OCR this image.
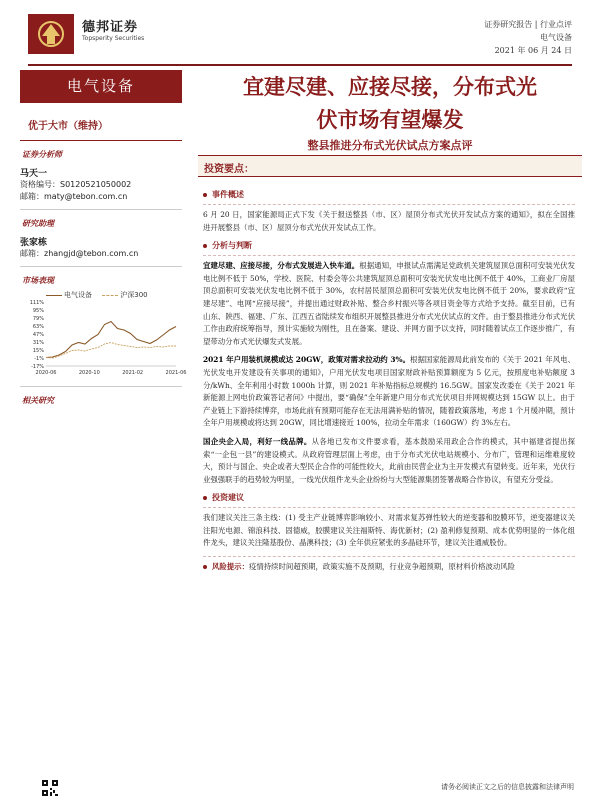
德邦证券
Topsperity Securities
证券研究报告 | 行业点评
电气设备
2021 年 06 月 24 日
电气设备
优于大市（维持）
证券分析师
马天一
资格编号：S0120521050002
邮箱：maty@tebon.com.cn
研究助理
张家栋
邮箱：zhangjd@tebon.com.cn
市场表现
电气设备	沪深300
111%
95%
79%
63%
47%
31%
15%
-1%
-17%
2020-06	2020-10	2021-02	2021-06
相关研究
宜建尽建、应接尽接，分布式光
伏市场有望爆发
整县推进分布式光伏试点方案点评
投资要点：
事件概述

6 月 20 日，国家能源局正式下发《关于报送整县（市、区）屋顶分布式光伏开发试点方案的通知》，拟在全国推进开展整县（市、区）屋顶分布式光伏开发试点工作。

分析与判断

宜建尽建、应接尽接，分布式发展进入快车道。根据通知，申报试点需满足党政机关建筑屋顶总面积可安装光伏发电比例不低于 50%，学校、医院、村委会等公共建筑屋顶总面积可安装光伏发电比例不低于 40%，工商业厂房屋顶总面积可安装光伏发电比例不低于 30%，农村居民屋顶总面积可安装光伏发电比例不低于 20%，要求政府“宜建尽建”、电网“应接尽接”，并提出通过财政补贴、整合乡村振兴等各项目资金等方式给予支持。截至目前，已有山东、陕西、福建、广东、江西五省陆续发布组织开展整县推进分布式光伏试点的文件。由于整县推进分布式光伏工作由政府统筹指导，预计实施较为刚性，且在备案、建设、并网方面予以支持，同时随着试点工作逐步推广，有望带动分布式光伏爆发式发展。

2021 年户用装机规模或达 20GW，政策对需求拉动约 3%。根据国家能源局此前发布的《关于 2021 年风电、光伏发电开发建设有关事项的通知》，户用光伏发电项目国家财政补贴预算额度为 5 亿元，按照度电补贴额度 3 分/kWh、全年利用小时数 1000h 计算，则 2021 年补贴指标总规模约 16.5GW。国家发改委在《关于 2021 年新能源上网电价政策答记者问》中提出，要“确保”全年新建户用分布式光伏项目并网规模达到 15GW 以上。由于产业链上下游持续博弈，市场此前有预期可能存在无法用满补贴的情况，随着政策落地，考虑 1 个月缓冲期，预计全年户用规模或将达到 20GW，同比增速接近 100%，拉动全年需求（160GW）约 3%左右。

国企央企入局，利好一线品牌。从各地已发布文件要求看，基本鼓励采用政企合作的模式，其中福建省提出探索“一企包一县”的建设模式。从政府管理层面上考虑，由于分布式光伏电站规模小、分布广，管理和运维难度较大，预计与国企、央企或者大型民企合作的可能性较大，此前由民营企业为主开发模式有望转变。近年来，光伏行业强强联手的趋势较为明显，一线光伏组件龙头企业纷纷与大型能源集团签署战略合作协议，有望充分受益。

投资建议

我们建议关注三条主线：(1) 受主产业链博弈影响较小、对需求复苏弹性较大的逆变器和胶膜环节，逆变器建议关注阳光电源、锦浪科技、固德威，胶膜建议关注福斯特、海优新材；(2) 盈利修复预期、成本优势明显的一体化组件龙头，建议关注隆基股份、晶澳科技；(3) 全年供应紧张的多晶硅环节，建议关注通威股份。

风险提示：疫情持续时间超预期，政策实施不及预期，行业竞争超预期，原材料价格波动风险

请务必阅读正文之后的信息披露和法律声明
